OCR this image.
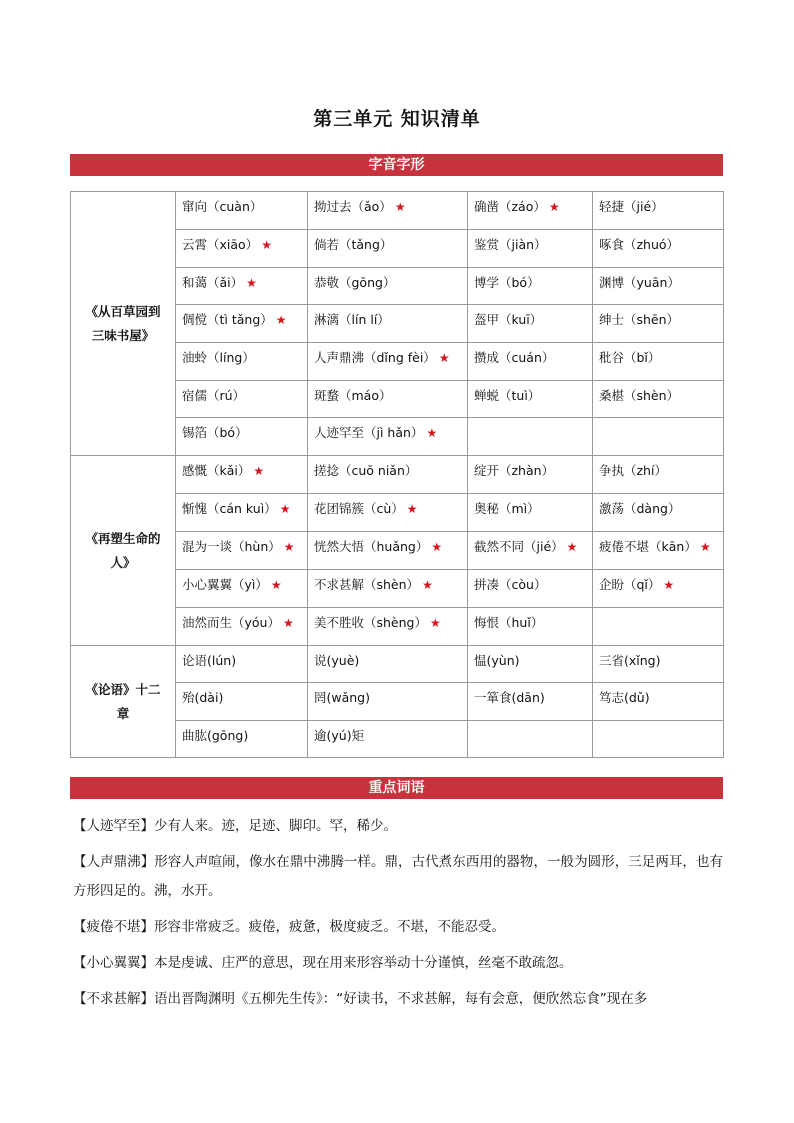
第三单元 知识清单
字音字形
《从百草园到三味书屋》	窜向（cuàn）	拗过去（ǎo） ★	确凿（záo） ★	轻捷（jié）
	云霄（xiāo） ★	倘若（tǎng）	鉴赏（jiàn）	啄食（zhuó）
	和蔼（ǎi） ★	恭敬（gōng）	博学（bó）	渊博（yuān）
	倜傥（tì tǎng） ★	淋漓（lín lí）	盔甲（kuī）	绅士（shēn）
	油蛉（líng）	人声鼎沸（dǐng fèi） ★	攒成（cuán）	秕谷（bǐ）
	宿儒（rú）	斑蝥（máo）	蝉蜕（tuì）	桑椹（shèn）
	锡箔（bó）	人迹罕至（jì hǎn） ★		
《再塑生命的人》	感慨（kǎi） ★	搓捻（cuō niǎn）	绽开（zhàn）	争执（zhí）
	惭愧（cán kuì） ★	花团锦簇（cù） ★	奥秘（mì）	激荡（dàng）
	混为一谈（hùn） ★	恍然大悟（huǎng） ★	截然不同（jié） ★	疲倦不堪（kān） ★
	小心翼翼（yì） ★	不求甚解（shèn） ★	拼凑（còu）	企盼（qǐ） ★
	油然而生（yóu） ★	美不胜收（shèng） ★	悔恨（huǐ）	
《论语》十二章	论语(lún)	说(yuè)	愠(yùn)	三省(xǐng)
	殆(dài)	罔(wǎng)	一箪食(dān)	笃志(dǔ)
	曲肱(gōng)	逾(yú)矩		
重点词语
【人迹罕至】少有人来。迹，足迹、脚印。罕，稀少。
【人声鼎沸】形容人声喧闹，像水在鼎中沸腾一样。鼎，古代煮东西用的器物，一般为圆形，三足两耳，也有方形四足的。沸，水开。
【疲倦不堪】形容非常疲乏。疲倦，疲惫，极度疲乏。不堪，不能忍受。
【小心翼翼】本是虔诚、庄严的意思，现在用来形容举动十分谨慎，丝毫不敢疏忽。
【不求甚解】语出晋陶渊明《五柳先生传》：“好读书，不求甚解，每有会意，便欣然忘食”现在多
